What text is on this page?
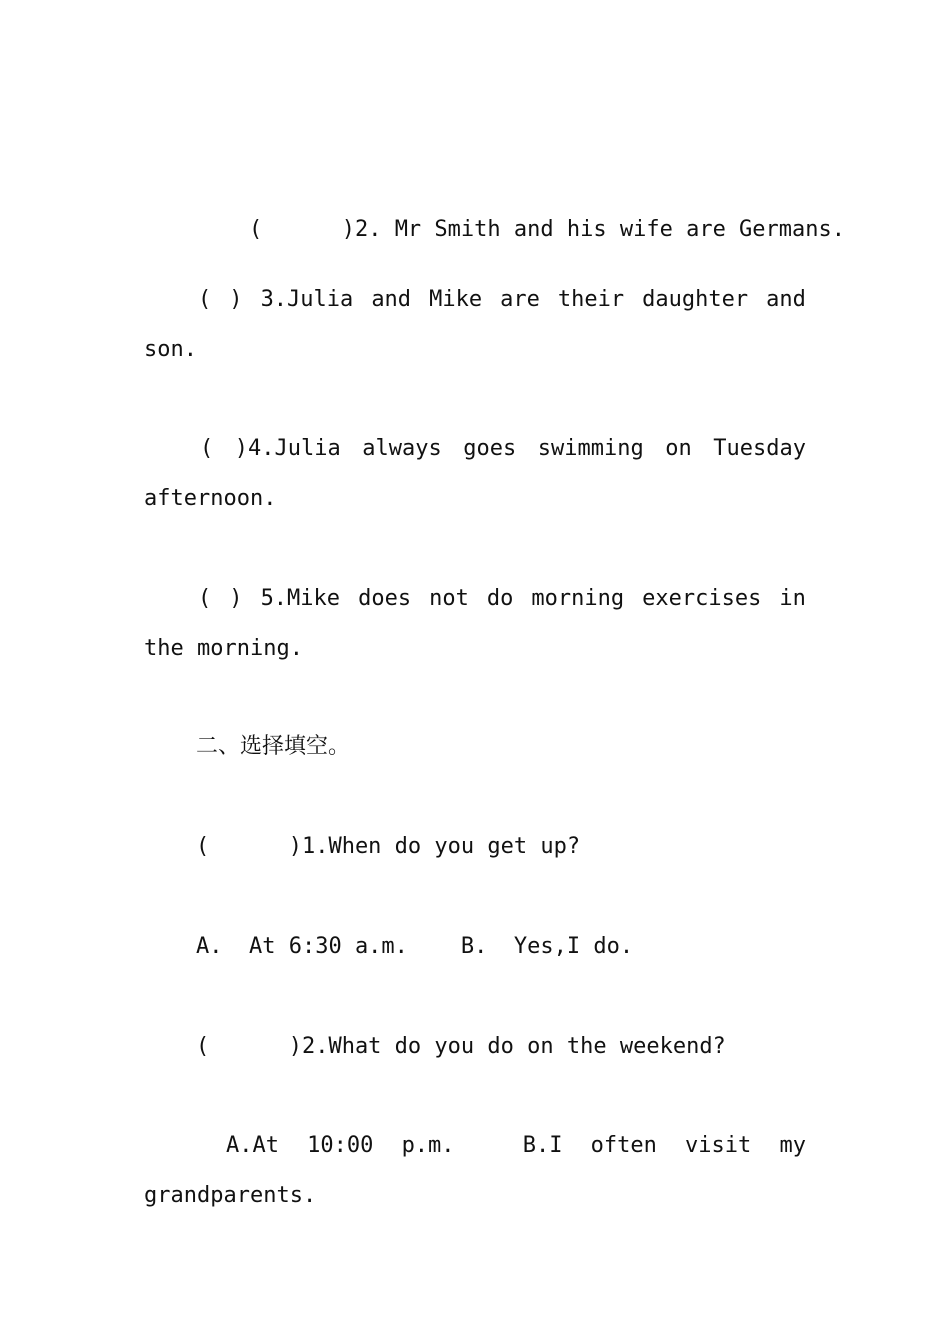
(      )2. Mr Smith and his wife are Germans.

( ) 3.Julia and Mike are their daughter and
son.
( )4.Julia always goes swimming on Tuesday
afternoon.
( ) 5.Mike does not do morning exercises in
the morning.
二、选择填空。
(      )1.When do you get up?
A.  At 6:30 a.m.    B.  Yes,I do.
(      )2.What do you do on the weekend?
A.At 10:00 p.m.	B.I often visit my
grandparents.
